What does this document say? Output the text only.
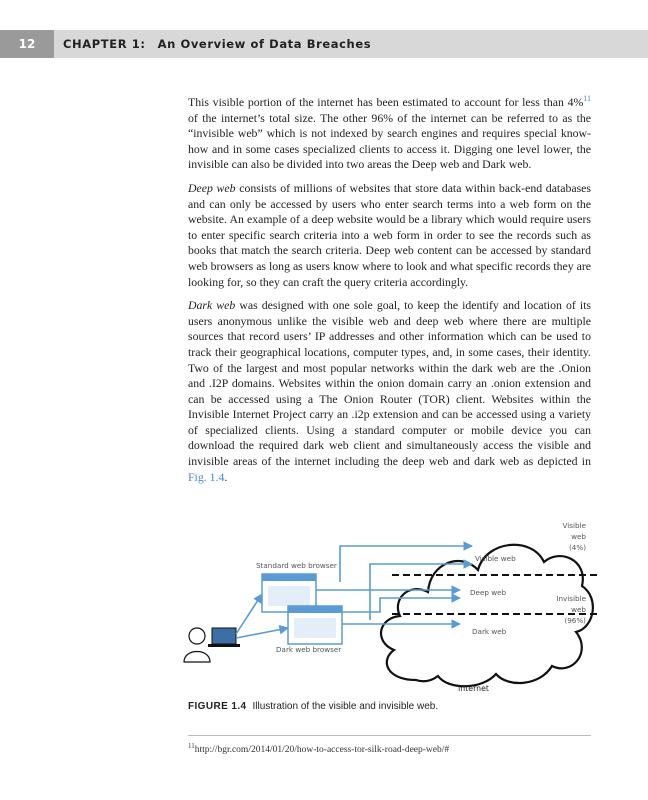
12	CHAPTER 1: An Overview of Data Breaches

This visible portion of the internet has been estimated to account for less than 4%$^{11}$ of the internet’s total size. The other 96% of the internet can be referred to as the “invisible web” which is not indexed by search engines and requires special know-how and in some cases specialized clients to access it. Digging one level lower, the invisible can also be divided into two areas the Deep web and Dark web.

Deep web consists of millions of websites that store data within back-end databases and can only be accessed by users who enter search terms into a web form on the website. An example of a deep website would be a library which would require users to enter specific search criteria into a web form in order to see the records such as books that match the search criteria. Deep web content can be accessed by standard web browsers as long as users know where to look and what specific records they are looking for, so they can craft the query criteria accordingly.

Dark web was designed with one sole goal, to keep the identify and location of its users anonymous unlike the visible web and deep web where there are multiple sources that record users’ IP addresses and other information which can be used to track their geographical locations, computer types, and, in some cases, their identity. Two of the largest and most popular networks within the dark web are the .Onion and .I2P domains. Websites within the onion domain carry an .onion extension and can be accessed using a The Onion Router (TOR) client. Websites within the Invisible Internet Project carry an .i2p extension and can be accessed using a variety of specialized clients. Using a standard computer or mobile device you can download the required dark web client and simultaneously access the visible and invisible areas of the internet including the deep web and dark web as depicted in Fig. 1.4.

Visible web
Deep web
Dark web
Internet
Visible
web
(4%)
Invisible
web
(96%)
Standard web browser
Dark web browser
FIGURE 1.4 Illustration of the visible and invisible web.
$^{11}$http://bgr.com/2014/01/20/how-to-access-tor-silk-road-deep-web/#
